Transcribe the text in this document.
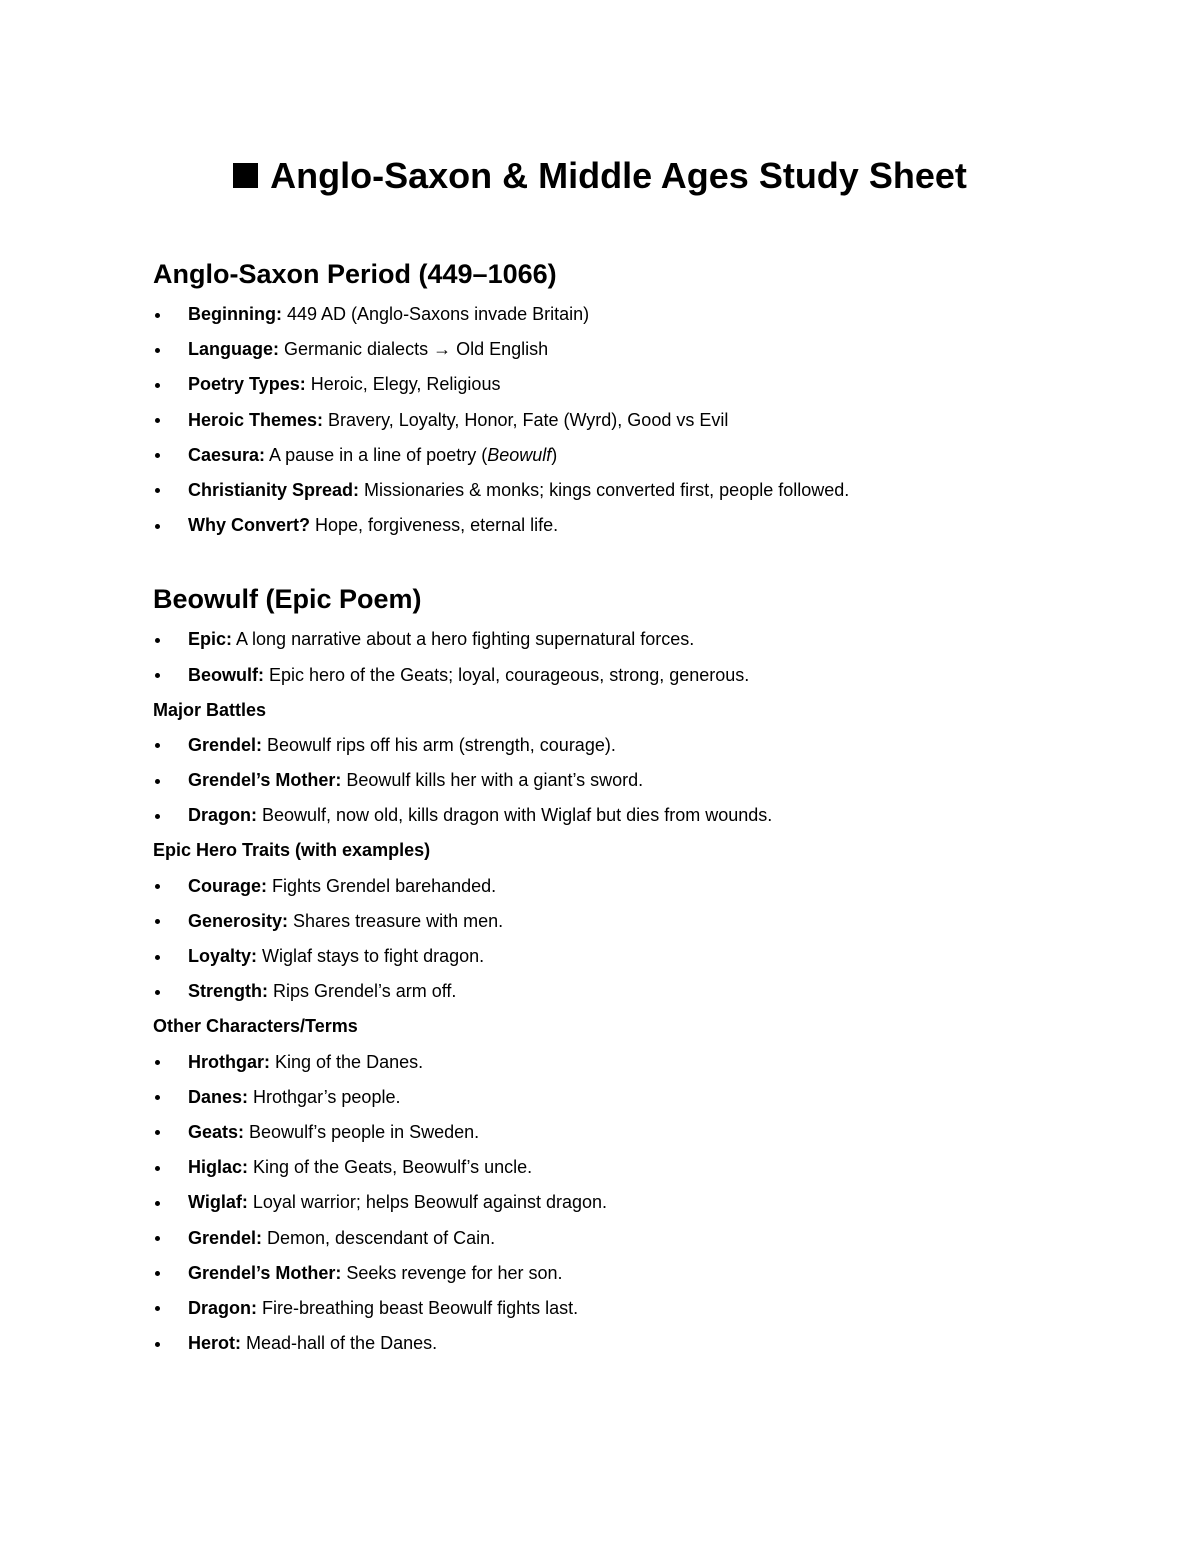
Anglo-Saxon & Middle Ages Study Sheet
Anglo-Saxon Period (449–1066)
Beginning: 449 AD (Anglo-Saxons invade Britain)
Language: Germanic dialects → Old English
Poetry Types: Heroic, Elegy, Religious
Heroic Themes: Bravery, Loyalty, Honor, Fate (Wyrd), Good vs Evil
Caesura: A pause in a line of poetry (Beowulf)
Christianity Spread: Missionaries & monks; kings converted first, people followed.
Why Convert? Hope, forgiveness, eternal life.
Beowulf (Epic Poem)
Epic: A long narrative about a hero fighting supernatural forces.
Beowulf: Epic hero of the Geats; loyal, courageous, strong, generous.
Major Battles
Grendel: Beowulf rips off his arm (strength, courage).
Grendel’s Mother: Beowulf kills her with a giant’s sword.
Dragon: Beowulf, now old, kills dragon with Wiglaf but dies from wounds.
Epic Hero Traits (with examples)
Courage: Fights Grendel barehanded.
Generosity: Shares treasure with men.
Loyalty: Wiglaf stays to fight dragon.
Strength: Rips Grendel’s arm off.
Other Characters/Terms
Hrothgar: King of the Danes.
Danes: Hrothgar’s people.
Geats: Beowulf’s people in Sweden.
Higlac: King of the Geats, Beowulf’s uncle.
Wiglaf: Loyal warrior; helps Beowulf against dragon.
Grendel: Demon, descendant of Cain.
Grendel’s Mother: Seeks revenge for her son.
Dragon: Fire-breathing beast Beowulf fights last.
Herot: Mead-hall of the Danes.
